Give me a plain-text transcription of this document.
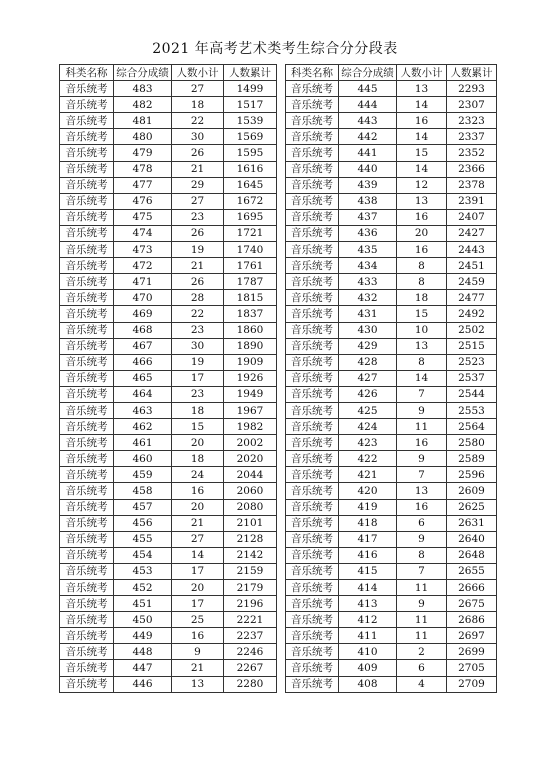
2021 年高考艺术类考生综合分分段表
科类名称	综合分成绩	人数小计	人数累计
音乐统考	483	27	1499
音乐统考	482	18	1517
音乐统考	481	22	1539
音乐统考	480	30	1569
音乐统考	479	26	1595
音乐统考	478	21	1616
音乐统考	477	29	1645
音乐统考	476	27	1672
音乐统考	475	23	1695
音乐统考	474	26	1721
音乐统考	473	19	1740
音乐统考	472	21	1761
音乐统考	471	26	1787
音乐统考	470	28	1815
音乐统考	469	22	1837
音乐统考	468	23	1860
音乐统考	467	30	1890
音乐统考	466	19	1909
音乐统考	465	17	1926
音乐统考	464	23	1949
音乐统考	463	18	1967
音乐统考	462	15	1982
音乐统考	461	20	2002
音乐统考	460	18	2020
音乐统考	459	24	2044
音乐统考	458	16	2060
音乐统考	457	20	2080
音乐统考	456	21	2101
音乐统考	455	27	2128
音乐统考	454	14	2142
音乐统考	453	17	2159
音乐统考	452	20	2179
音乐统考	451	17	2196
音乐统考	450	25	2221
音乐统考	449	16	2237
音乐统考	448	9	2246
音乐统考	447	21	2267
音乐统考	446	13	2280
科类名称	综合分成绩	人数小计	人数累计
音乐统考	445	13	2293
音乐统考	444	14	2307
音乐统考	443	16	2323
音乐统考	442	14	2337
音乐统考	441	15	2352
音乐统考	440	14	2366
音乐统考	439	12	2378
音乐统考	438	13	2391
音乐统考	437	16	2407
音乐统考	436	20	2427
音乐统考	435	16	2443
音乐统考	434	8	2451
音乐统考	433	8	2459
音乐统考	432	18	2477
音乐统考	431	15	2492
音乐统考	430	10	2502
音乐统考	429	13	2515
音乐统考	428	8	2523
音乐统考	427	14	2537
音乐统考	426	7	2544
音乐统考	425	9	2553
音乐统考	424	11	2564
音乐统考	423	16	2580
音乐统考	422	9	2589
音乐统考	421	7	2596
音乐统考	420	13	2609
音乐统考	419	16	2625
音乐统考	418	6	2631
音乐统考	417	9	2640
音乐统考	416	8	2648
音乐统考	415	7	2655
音乐统考	414	11	2666
音乐统考	413	9	2675
音乐统考	412	11	2686
音乐统考	411	11	2697
音乐统考	410	2	2699
音乐统考	409	6	2705
音乐统考	408	4	2709
